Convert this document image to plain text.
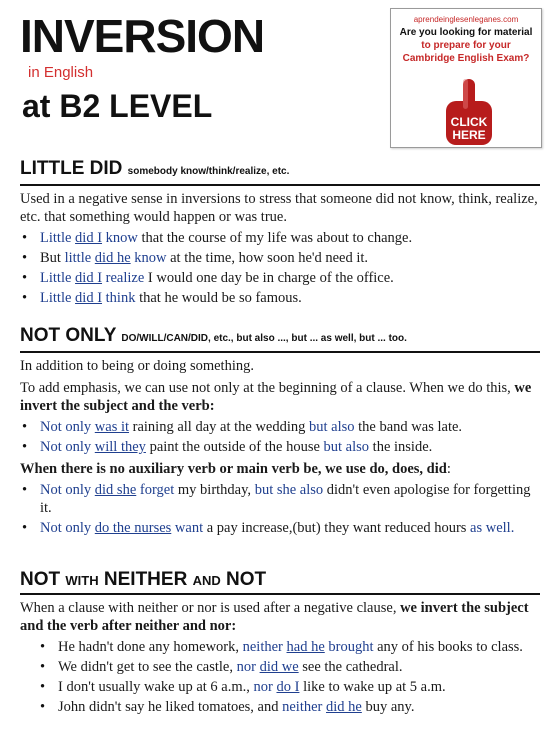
INVERSION
in English
at B2 LEVEL
aprendeinglesenleganes.com
Are you looking for material
to prepare for your
Cambridge English Exam?
CLICK
HERE
LITTLE DID somebody know/think/realize, etc.
Used in a negative sense in inversions to stress that someone did not know, think, realize, etc. that something would happen or was true.
• Little did I know that the course of my life was about to change.
• But little did he know at the time, how soon he'd need it.
• Little did I realize I would one day be in charge of the office.
• Little did I think that he would be so famous.
NOT ONLY DO/WILL/CAN/DID, etc., but also ..., but ... as well, but ... too.
In addition to being or doing something.
To add emphasis, we can use not only at the beginning of a clause. When we do this, we invert the subject and the verb:
• Not only was it raining all day at the wedding but also the band was late.
• Not only will they paint the outside of the house but also the inside.
When there is no auxiliary verb or main verb be, we use do, does, did:
• Not only did she forget my birthday, but she also didn't even apologise for forgetting it.
• Not only do the nurses want a pay increase,(but) they want reduced hours as well.
NOT WITH NEITHER AND NOT
When a clause with neither or nor is used after a negative clause, we invert the subject and the verb after neither and nor:
• He hadn't done any homework, neither had he brought any of his books to class.
• We didn't get to see the castle, nor did we see the cathedral.
• I don't usually wake up at 6 a.m., nor do I like to wake up at 5 a.m.
• John didn't say he liked tomatoes, and neither did he buy any.
